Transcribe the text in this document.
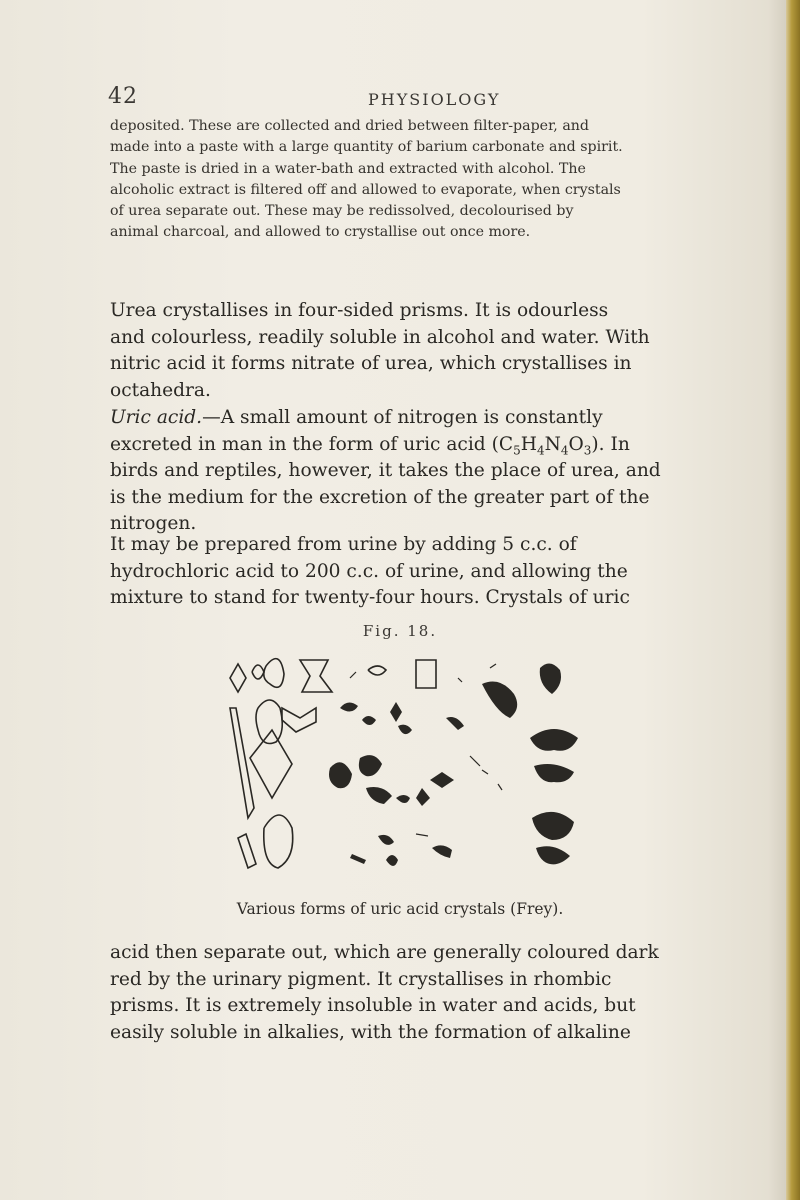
42	PHYSIOLOGY
deposited. These are collected and dried between filter-paper, and
made into a paste with a large quantity of barium carbonate and spirit.
The paste is dried in a water-bath and extracted with alcohol. The
alcoholic extract is filtered off and allowed to evaporate, when crystals
of urea separate out. These may be redissolved, decolourised by
animal charcoal, and allowed to crystallise out once more.
Urea crystallises in four-sided prisms. It is odourless
and colourless, readily soluble in alcohol and water. With
nitric acid it forms nitrate of urea, which crystallises in
octahedra.
Uric acid.—A small amount of nitrogen is constantly
excreted in man in the form of uric acid $(C_5H_4N_4O_3)$. In
birds and reptiles, however, it takes the place of urea, and
is the medium for the excretion of the greater part of the
nitrogen.
It may be prepared from urine by adding 5 c.c. of
hydrochloric acid to 200 c.c. of urine, and allowing the
mixture to stand for twenty-four hours. Crystals of uric
Fig. 18.
Various forms of uric acid crystals (Frey).
acid then separate out, which are generally coloured dark
red by the urinary pigment. It crystallises in rhombic
prisms. It is extremely insoluble in water and acids, but
easily soluble in alkalies, with the formation of alkaline
